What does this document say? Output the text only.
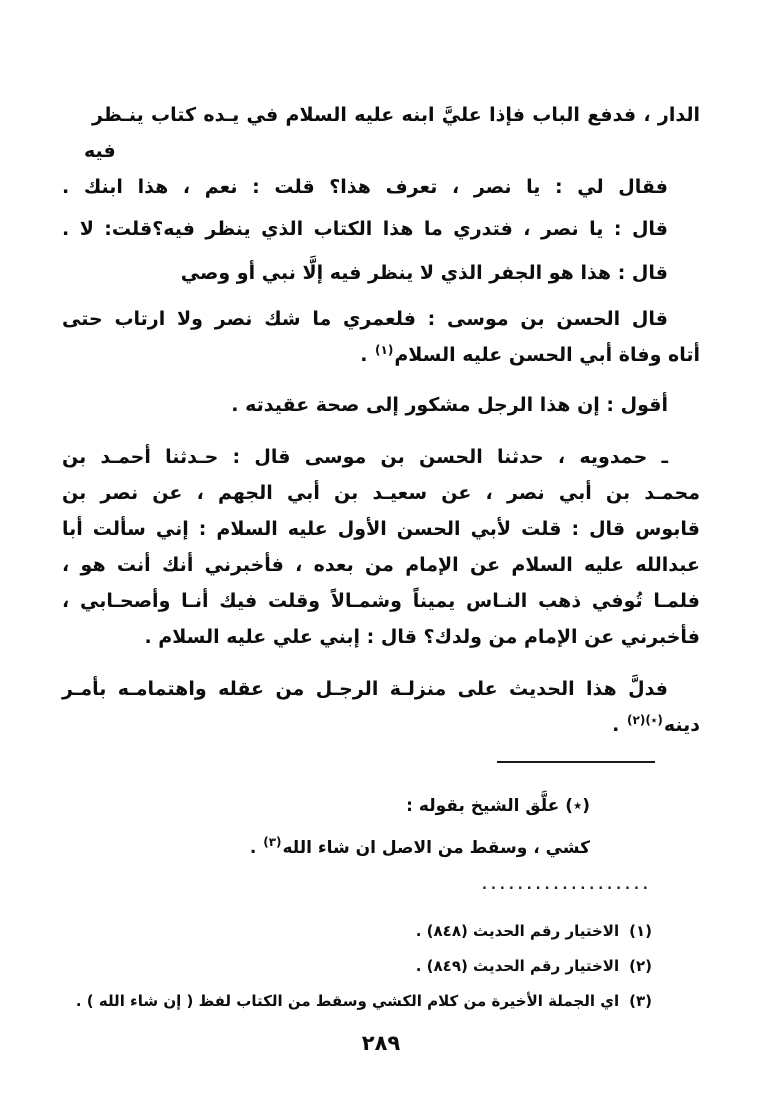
الدار ، فدفع الباب فإذا عليَّ ابنه عليه السلام في يـده كتاب ينـظر
فيه
فقال لي : يا نصر ، تعرف هذا؟ قلت : نعم ، هذا ابنك .
قال : يا نصر ، فتدري ما هذا الكتاب الذي ينظر فيه؟قلت: لا .
قال : هذا هو الجفر الذي لا ينظر فيه إلَّا نبي أو وصي
قال الحسن بن موسى : فلعمري ما شك نصر ولا ارتاب حتى
أتاه وفاة أبي الحسن عليه السلام$^{(١)}$ .
أقول : إن هذا الرجل مشكور إلى صحة عقيدته .
ـ حمدويه ، حدثنا الحسن بن موسى قال : حـدثنا أحمـد بن
محمـد بن أبي نصر ، عن سعيـد بن أبي الجهم ، عن نصر بن
قابوس قال : قلت لأبي الحسن الأول عليه السلام : إني سألت أبا
عبدالله عليه السلام عن الإمام من بعده ، فأخبرني أنك أنت هو ،
فلمـا تُوفي ذهب النـاس يميناً وشمـالاً وقلت فيك أنـا وأصحـابي ،
فأخبرني عن الإمام من ولدك؟ قال : إبني علي عليه السلام .
فدلَّ هذا الحديث على منزلـة الرجـل من عقله واهتمامـه بأمـر
دينه$^{(٭)(٢)}$ .
(٭) علَّق الشيخ بقوله :
كشي ، وسقط من الاصل ان شاء الله$^{(٣)}$ .
...................
(١)
الاختيار رقم الحديث (٨٤٨) .
(٢)
الاختيار رقم الحديث (٨٤٩) .
(٣)
اي الجملة الأخيرة من كلام الكشي وسقط من الكتاب لفظ ( إن شاء الله ) .
٢٨٩
